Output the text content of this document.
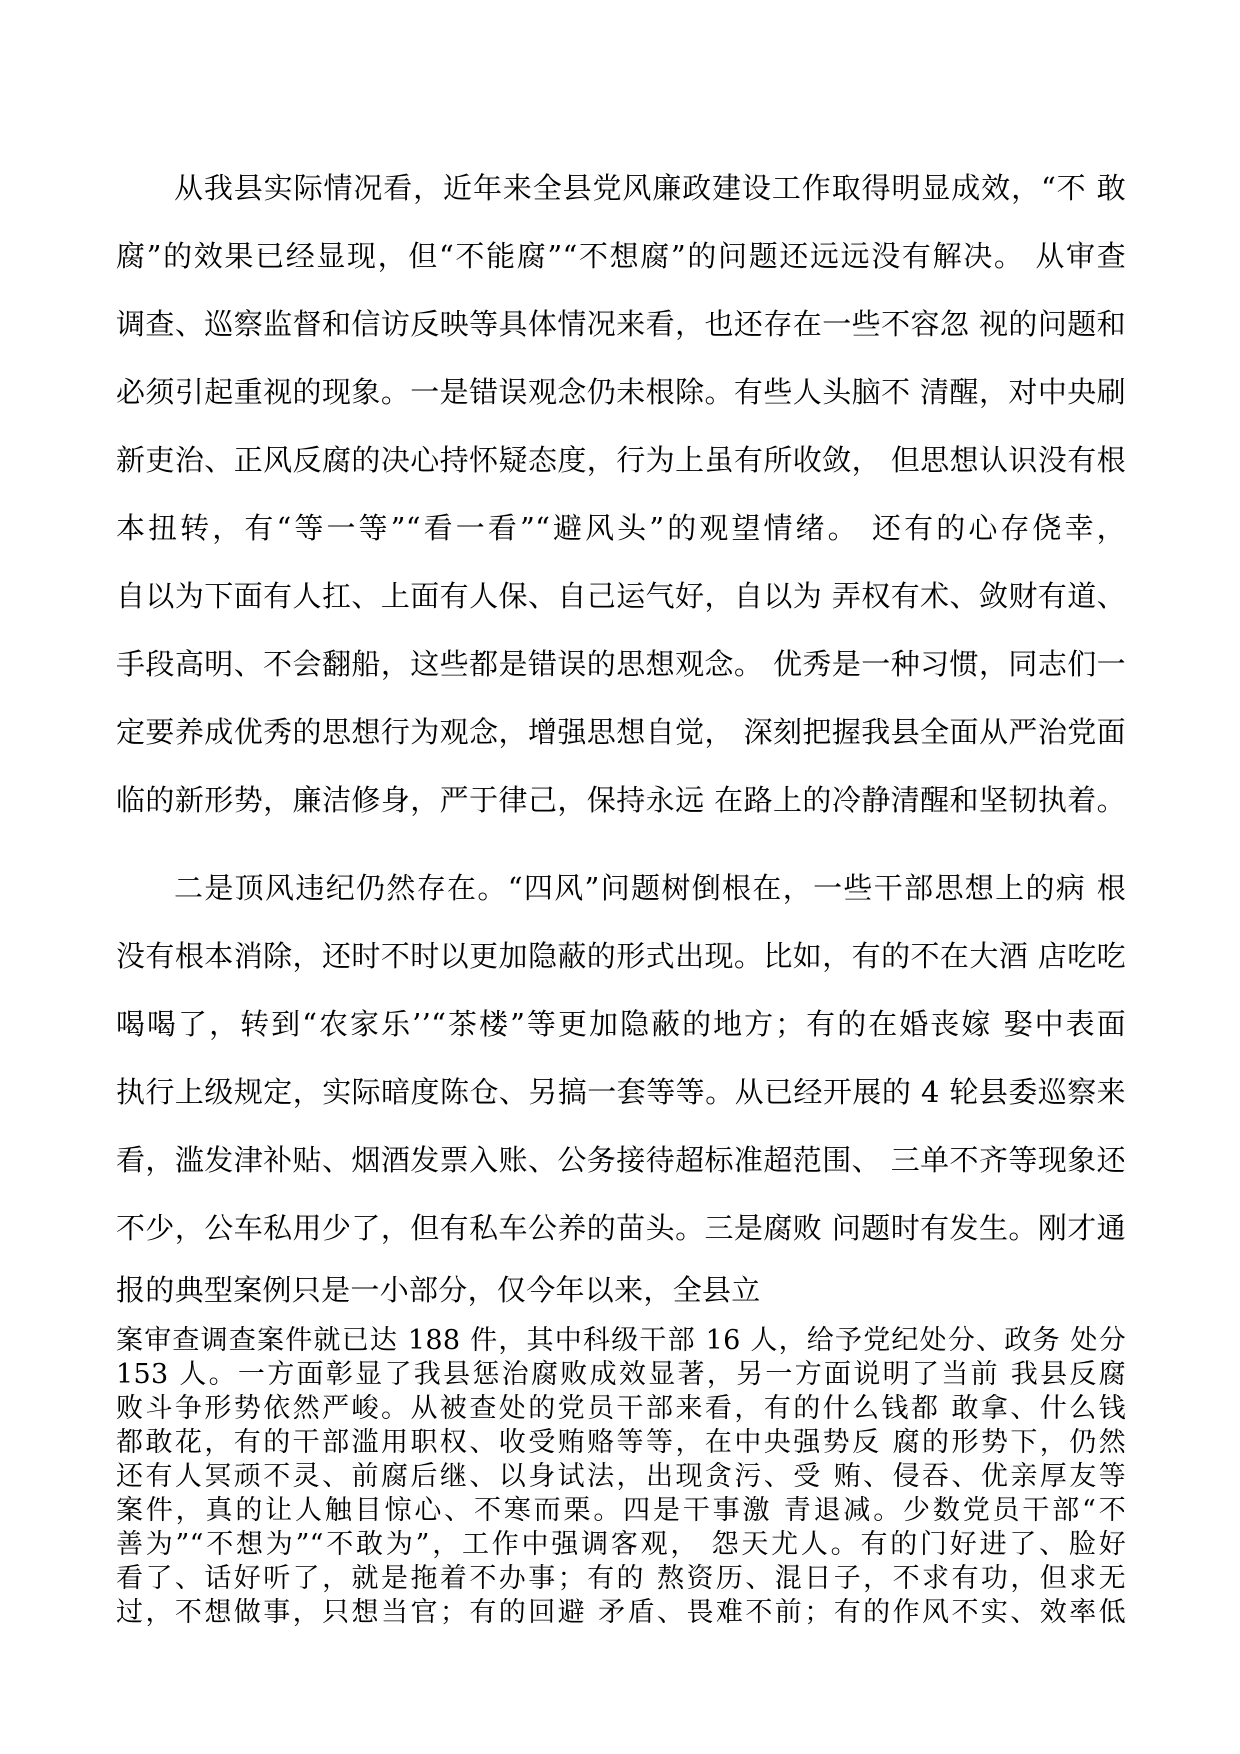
从我县实际情况看，近年来全县党风廉政建设工作取得明显成效，“不 敢
腐”的效果已经显现，但“不能腐”“不想腐”的问题还远远没有解决。 从审查
调查、巡察监督和信访反映等具体情况来看，也还存在一些不容忽 视的问题和
必须引起重视的现象。一是错误观念仍未根除。有些人头脑不 清醒，对中央刷
新吏治、正风反腐的决心持怀疑态度，行为上虽有所收敛， 但思想认识没有根
本扭转，有“等一等”“看一看”“避风头”的观望情绪。 还有的心存侥幸，
自以为下面有人扛、上面有人保、自己运气好，自以为 弄权有术、敛财有道、
手段高明、不会翻船，这些都是错误的思想观念。 优秀是一种习惯，同志们一
定要养成优秀的思想行为观念，增强思想自觉， 深刻把握我县全面从严治党面
临的新形势，廉洁修身，严于律己，保持永远 在路上的冷静清醒和坚韧执着。
二是顶风违纪仍然存在。“四风”问题树倒根在，一些干部思想上的病 根
没有根本消除，还时不时以更加隐蔽的形式出现。比如，有的不在大酒 店吃吃
喝喝了，转到“农家乐’’“茶楼”等更加隐蔽的地方；有的在婚丧嫁 娶中表面
执行上级规定，实际暗度陈仓、另搞一套等等。从已经开展的 4 轮县委巡察来
看，滥发津补贴、烟酒发票入账、公务接待超标准超范围、 三单不齐等现象还
不少，公车私用少了，但有私车公养的苗头。三是腐败 问题时有发生。刚才通
报的典型案例只是一小部分，仅今年以来，全县立
案审查调查案件就已达 188 件，其中科级干部 16 人，给予党纪处分、政务 处分
153 人。一方面彰显了我县惩治腐败成效显著，另一方面说明了当前 我县反腐
败斗争形势依然严峻。从被查处的党员干部来看，有的什么钱都 敢拿、什么钱
都敢花，有的干部滥用职权、收受贿赂等等，在中央强势反 腐的形势下，仍然
还有人冥顽不灵、前腐后继、以身试法，出现贪污、受 贿、侵吞、优亲厚友等
案件，真的让人触目惊心、不寒而栗。四是干事激 青退减。少数党员干部“不
善为”“不想为”“不敢为”，工作中强调客观， 怨天尤人。有的门好进了、脸好
看了、话好听了，就是拖着不办事；有的 熬资历、混日子，不求有功，但求无
过，不想做事，只想当官；有的回避 矛盾、畏难不前；有的作风不实、效率低
